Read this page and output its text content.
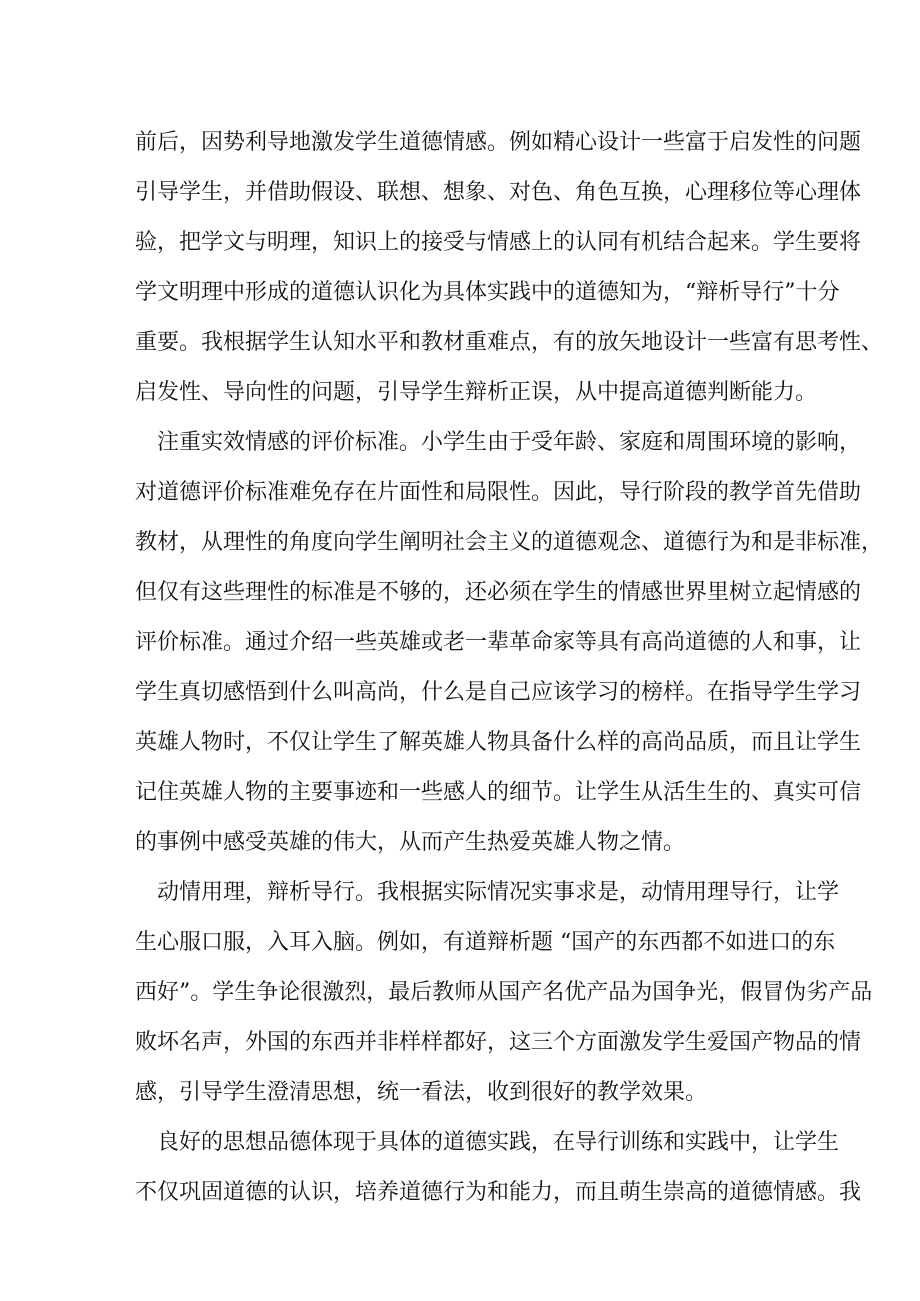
前后，因势利导地激发学生道德情感。例如精心设计一些富于启发性的问题
引导学生，并借助假设、联想、想象、对色、角色互换，心理移位等心理体
验，把学文与明理，知识上的接受与情感上的认同有机结合起来。学生要将
学文明理中形成的道德认识化为具体实践中的道德知为，“辩析导行”十分
重要。我根据学生认知水平和教材重难点，有的放矢地设计一些富有思考性、
启发性、导向性的问题，引导学生辩析正误，从中提高道德判断能力。
注重实效情感的评价标准。小学生由于受年龄、家庭和周围环境的影响，
对道德评价标准难免存在片面性和局限性。因此，导行阶段的教学首先借助
教材，从理性的角度向学生阐明社会主义的道德观念、道德行为和是非标准，
但仅有这些理性的标准是不够的，还必须在学生的情感世界里树立起情感的
评价标准。通过介绍一些英雄或老一辈革命家等具有高尚道德的人和事，让
学生真切感悟到什么叫高尚，什么是自己应该学习的榜样。在指导学生学习
英雄人物时，不仅让学生了解英雄人物具备什么样的高尚品质，而且让学生
记住英雄人物的主要事迹和一些感人的细节。让学生从活生生的、真实可信
的事例中感受英雄的伟大，从而产生热爱英雄人物之情。
动情用理，辩析导行。我根据实际情况实事求是，动情用理导行，让学
生心服口服，入耳入脑。例如，有道辩析题 “国产的东西都不如进口的东
西好”。学生争论很激烈，最后教师从国产名优产品为国争光，假冒伪劣产品
败坏名声，外国的东西并非样样都好，这三个方面激发学生爱国产物品的情
感，引导学生澄清思想，统一看法，收到很好的教学效果。
良好的思想品德体现于具体的道德实践，在导行训练和实践中，让学生
不仅巩固道德的认识，培养道德行为和能力，而且萌生崇高的道德情感。我
